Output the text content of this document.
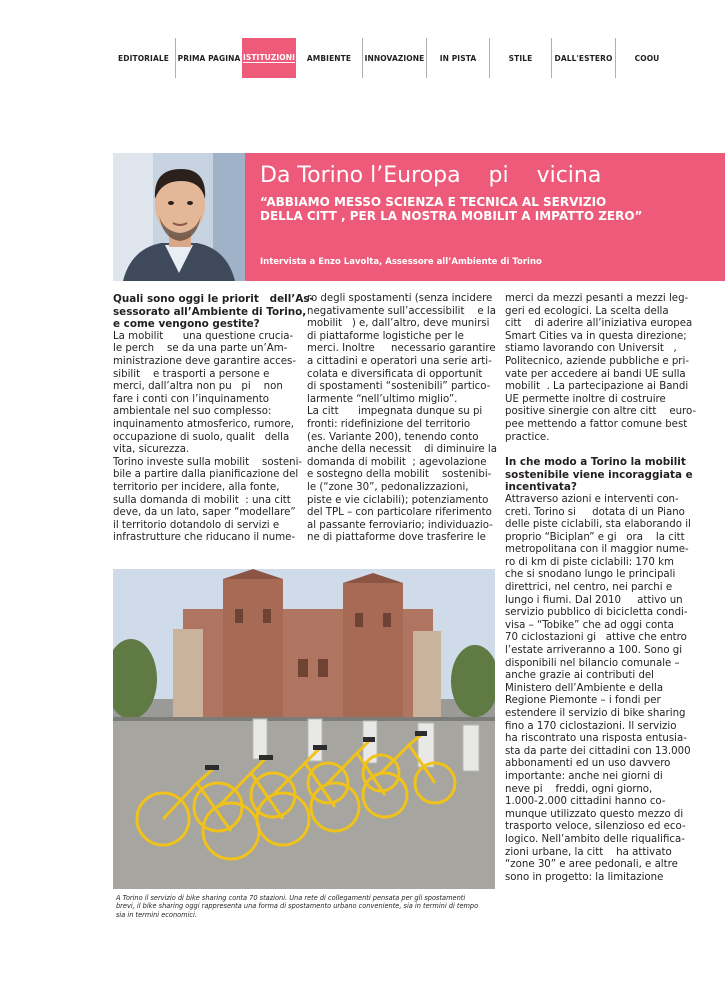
EDITORIALE PRIMA PAGINA ISTITUZIONI AMBIENTE INNOVAZIONE IN PISTA	STILE	DALL'ESTERO	COOU
Da Torino l’Europa    pi    vicina
“ABBIAMO MESSO SCIENZA E TECNICA AL SERVIZIO
DELLA CITT , PER LA NOSTRA MOBILIT A IMPATTO ZERO”
Intervista a Enzo Lavolta, Assessore all’Ambiente di Torino

Quali sono oggi le priorit   dell’As-
sessorato all’Ambiente di Torino,
e come vengono gestite?

La mobilit      una questione crucia-
le perch    se da una parte un’Am-
ministrazione deve garantire acces-
sibilit    e trasporti a persone e
merci, dall’altra non pu   pi    non
fare i conti con l’inquinamento
ambientale nel suo complesso:
inquinamento atmosferico, rumore,
occupazione di suolo, qualit   della
vita, sicurezza.
Torino investe sulla mobilit    sosteni-
bile a partire dalla pianificazione del
territorio per incidere, alla fonte,
sulla domanda di mobilit  : una citt
deve, da un lato, saper “modellare”
il territorio dotandolo di servizi e
infrastrutture che riducano il nume-

ro degli spostamenti (senza incidere
negativamente sull’accessibilit    e la
mobilit   ) e, dall’altro, deve munirsi
di piattaforme logistiche per le
merci. Inoltre     necessario garantire
a cittadini e operatori una serie arti-
colata e diversificata di opportunit
di spostamenti “sostenibili” partico-
larmente “nell’ultimo miglio”.
La citt      impegnata dunque su pi
fronti: ridefinizione del territorio
(es. Variante 200), tenendo conto
anche della necessit    di diminuire la
domanda di mobilit  ; agevolazione
e sostegno della mobilit    sostenibi-
le (“zone 30”, pedonalizzazioni,
piste e vie ciclabili); potenziamento
del TPL – con particolare riferimento
al passante ferroviario; individuazio-
ne di piattaforme dove trasferire le

merci da mezzi pesanti a mezzi leg-
geri ed ecologici. La scelta della
citt    di aderire all’iniziativa europea
Smart Cities va in questa direzione;
stiamo lavorando con Universit   ,
Politecnico, aziende pubbliche e pri-
vate per accedere ai bandi UE sulla
mobilit  . La partecipazione ai Bandi
UE permette inoltre di costruire
positive sinergie con altre citt    euro-
pee mettendo a fattor comune best
practice.

In che modo a Torino la mobilit
sostenibile viene incoraggiata e
incentivata?

Attraverso azioni e interventi con-
creti. Torino si     dotata di un Piano
delle piste ciclabili, sta elaborando il
proprio “Biciplan” e gi   ora    la citt
metropolitana con il maggior nume-
ro di km di piste ciclabili: 170 km
che si snodano lungo le principali
direttrici, nel centro, nei parchi e
lungo i fiumi. Dal 2010     attivo un
servizio pubblico di bicicletta condi-
visa – “Tobike” che ad oggi conta
70 ciclostazioni gi   attive che entro
l’estate arriveranno a 100. Sono gi
disponibili nel bilancio comunale –
anche grazie ai contributi del
Ministero dell’Ambiente e della
Regione Piemonte – i fondi per
estendere il servizio di bike sharing
fino a 170 ciclostazioni. Il servizio
ha riscontrato una risposta entusia-
sta da parte dei cittadini con 13.000
abbonamenti ed un uso davvero
importante: anche nei giorni di
neve pi    freddi, ogni giorno,
1.000-2.000 cittadini hanno co-
munque utilizzato questo mezzo di
trasporto veloce, silenzioso ed eco-
logico. Nell’ambito delle riqualifica-
zioni urbane, la citt    ha attivato
“zone 30” e aree pedonali, e altre
sono in progetto: la limitazione

A Torino il servizio di bike sharing conta 70 stazioni. Una rete di collegamenti pensata per gli spostamenti
brevi, il bike sharing oggi rappresenta una forma di spostamento urbano conveniente, sia in termini di tempo
sia in termini economici.
